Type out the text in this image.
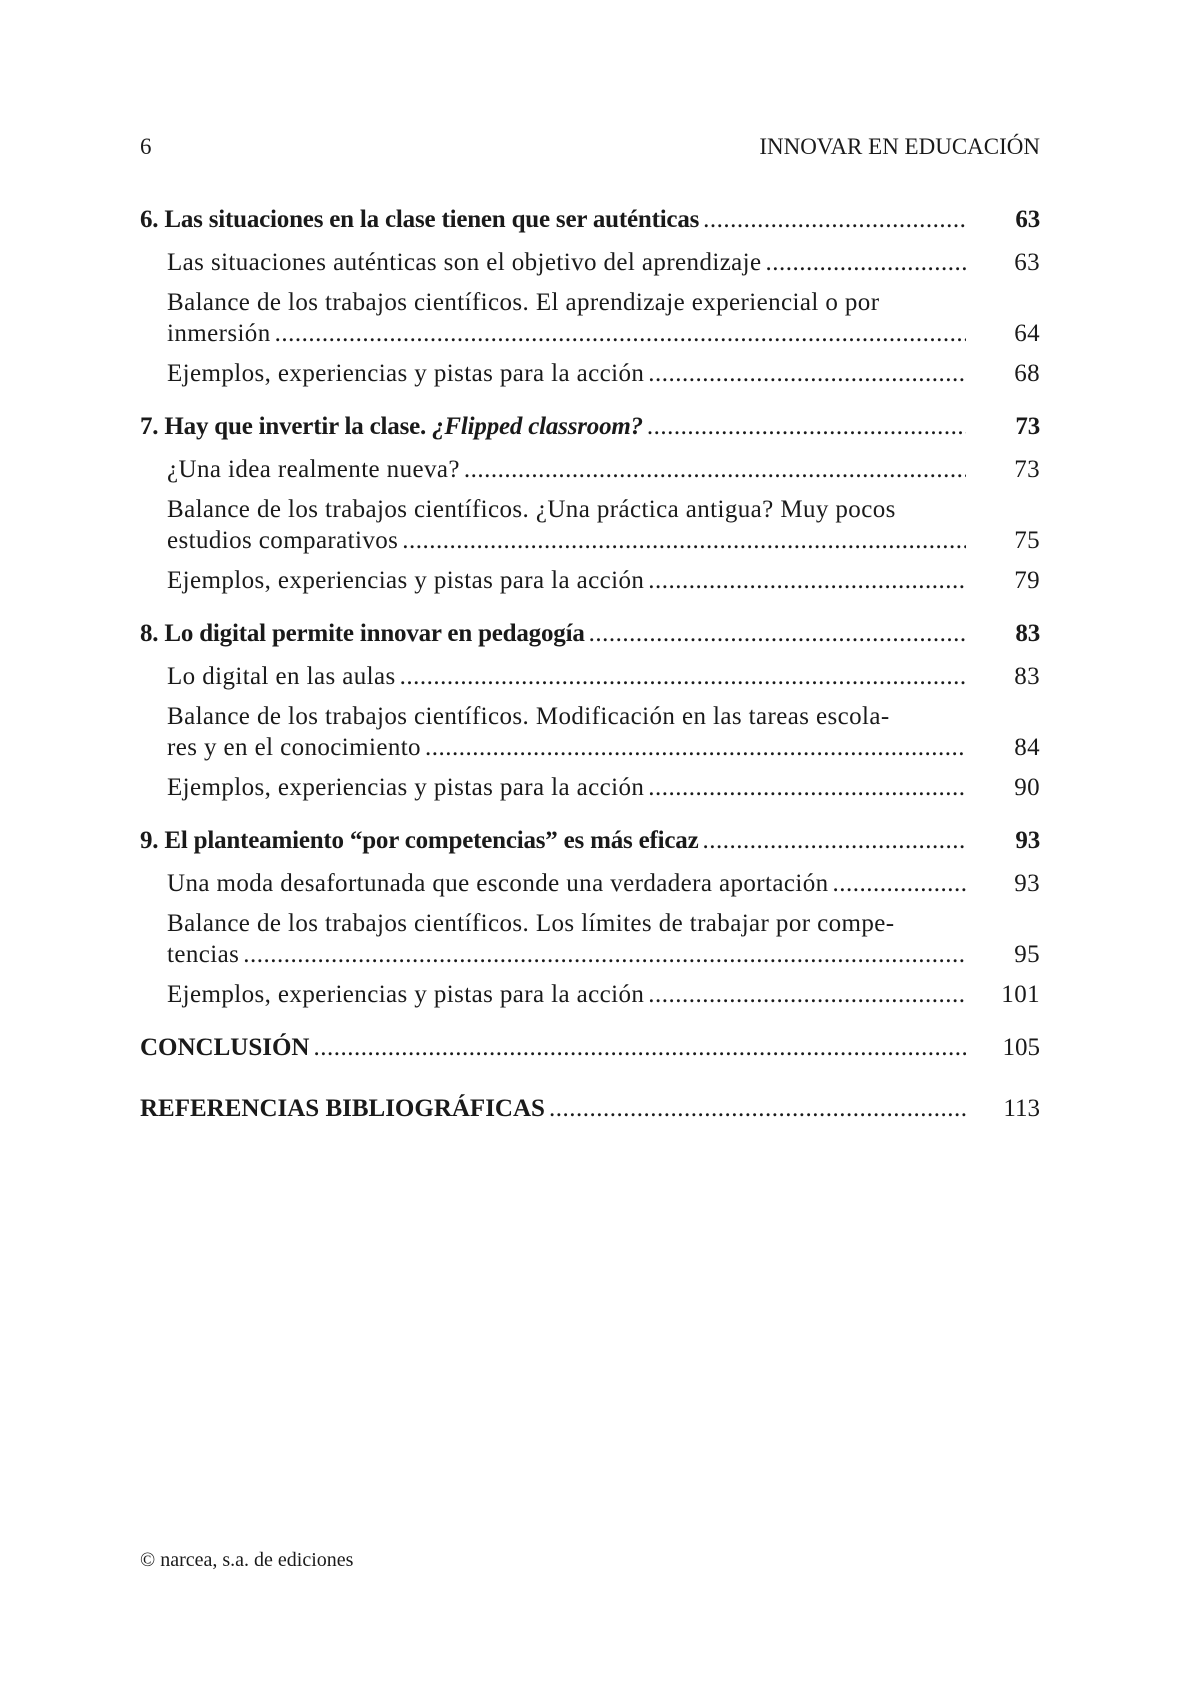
6	INNOVAR EN EDUCACIÓN
6. Las situaciones en la clase tienen que ser auténticas .....	63
Las situaciones auténticas son el objetivo del aprendizaje .....	63
Balance de los trabajos científicos. El aprendizaje experiencial o por
inmersión .....	64
Ejemplos, experiencias y pistas para la acción .....	68
7. Hay que invertir la clase. ¿Flipped classroom? .....	73
¿Una idea realmente nueva? .....	73
Balance de los trabajos científicos. ¿Una práctica antigua? Muy pocos
estudios comparativos .....	75
Ejemplos, experiencias y pistas para la acción .....	79
8. Lo digital permite innovar en pedagogía .....	83
Lo digital en las aulas .....	83
Balance de los trabajos científicos. Modificación en las tareas escola-
res y en el conocimiento .....	84
Ejemplos, experiencias y pistas para la acción .....	90
9. El planteamiento “por competencias” es más eficaz .....	93
Una moda desafortunada que esconde una verdadera aportación .....	93
Balance de los trabajos científicos. Los límites de trabajar por compe-
tencias .....	95
Ejemplos, experiencias y pistas para la acción .....	101
CONCLUSIÓN .....	105
REFERENCIAS BIBLIOGRÁFICAS .....	113
© narcea, s.a. de ediciones
